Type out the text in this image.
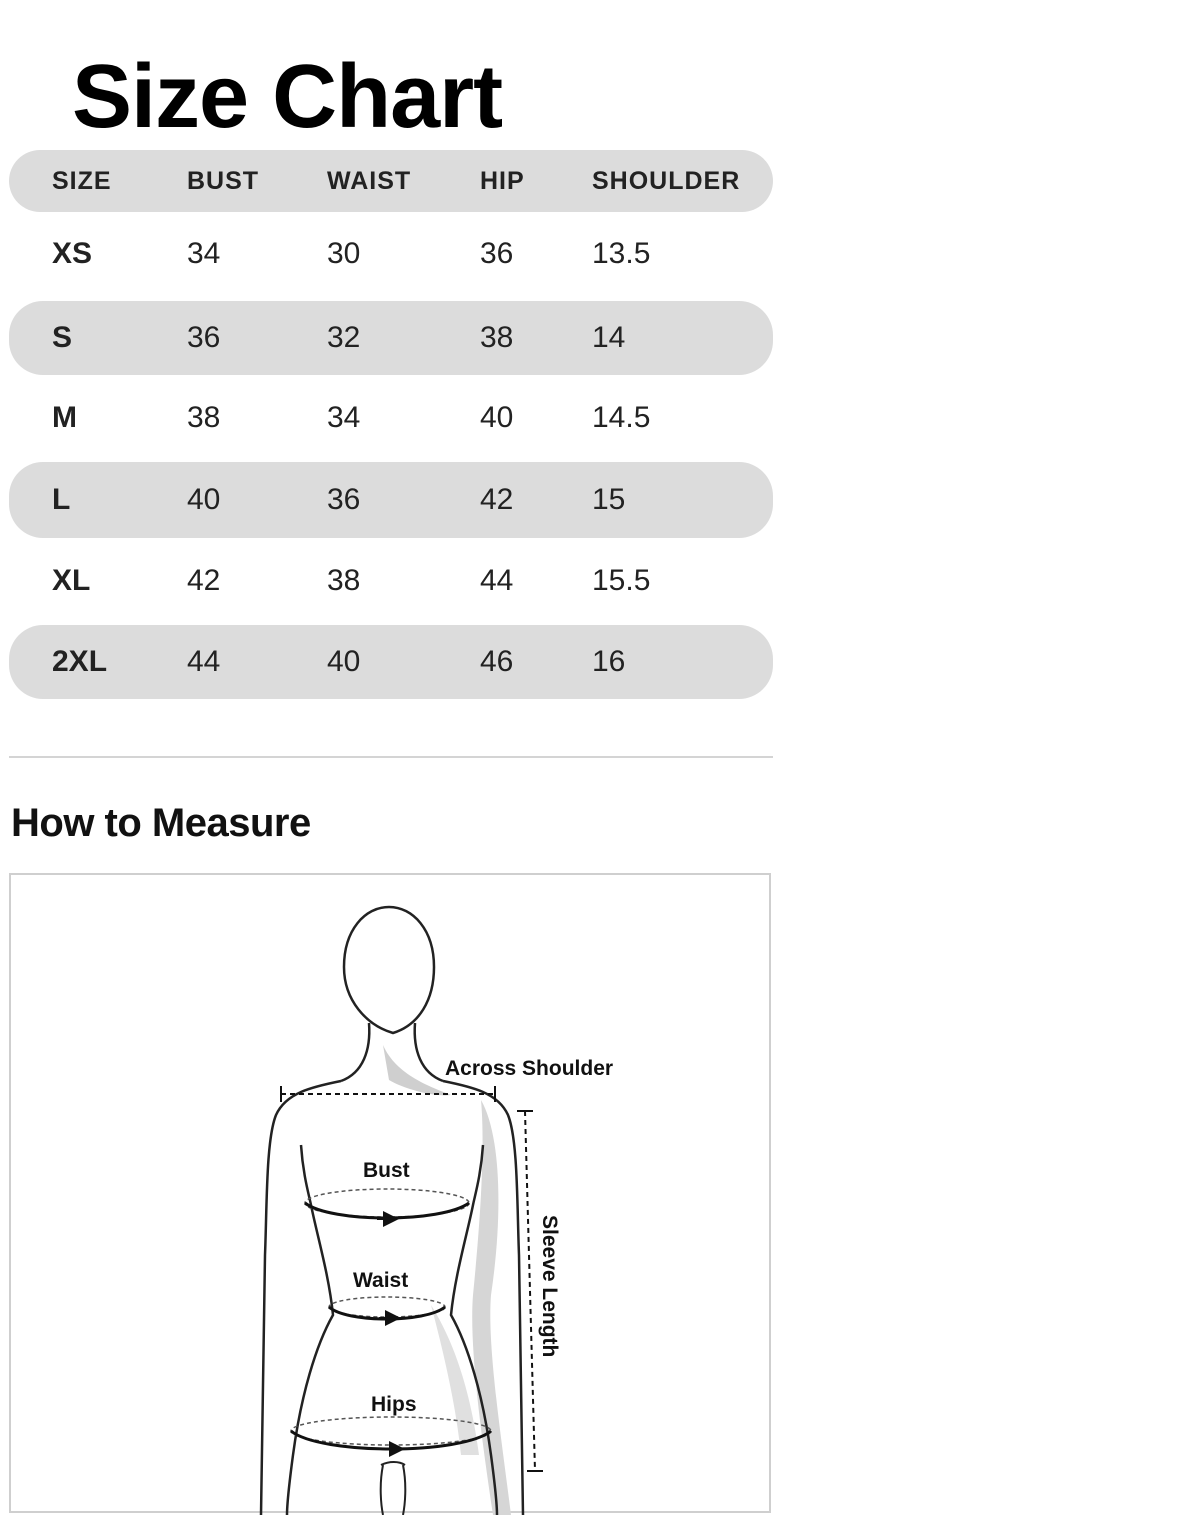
Size Chart
SIZE	BUST	WAIST	HIP	SHOULDER
XS	34	30	36	13.5
S	36	32	38	14
M	38	34	40	14.5
L	40	36	42	15
XL	42	38	44	15.5
2XL	44	40	46	16
How to Measure
Across Shoulder
Sleeve Length
Bust
Waist
Hips
